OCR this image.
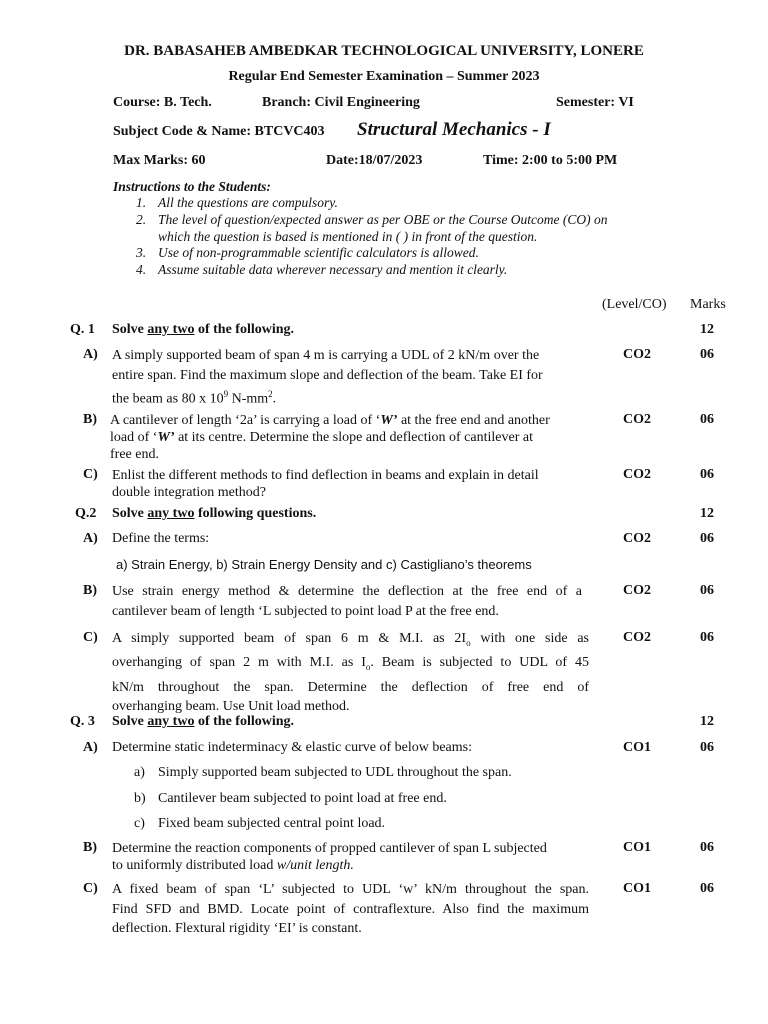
DR. BABASAHEB AMBEDKAR TECHNOLOGICAL UNIVERSITY, LONERE
Regular End Semester Examination – Summer 2023
Course: B. Tech.	Branch: Civil Engineering	Semester: VI
Subject Code & Name: BTCVC403 Structural Mechanics - I
Max Marks: 60	Date:18/07/2023	Time: 2:00 to 5:00 PM
Instructions to the Students:
1. All the questions are compulsory.
2. The level of question/expected answer as per OBE or the Course Outcome (CO) on
which the question is based is mentioned in ( ) in front of the question.
3. Use of non-programmable scientific calculators is allowed.
4. Assume suitable data wherever necessary and mention it clearly.
(Level/CO) Marks
Q. 1 Solve any two of the following.	12
A) A simply supported beam of span 4 m is carrying a UDL of 2 kN/m over the
entire span. Find the maximum slope and deflection of the beam. Take EI for
the beam as 80 x $10^9$ $N-mm^2$.
CO2	06
B) A cantilever of length ‘2a’ is carrying a load of ‘W’ at the free end and another
load of ‘W’ at its centre. Determine the slope and deflection of cantilever at
free end.
CO2	06
C) Enlist the different methods to find deflection in beams and explain in detail
double integration method?
CO2	06
Q.2 Solve any two following questions.	12
A) Define the terms:
a) Strain Energy, b) Strain Energy Density and c) Castigliano’s theorems
CO2	06
B) Use strain energy method & determine the deflection at the free end of a
cantilever beam of length ‘L subjected to point load P at the free end.
CO2	06
C) A simply supported beam of span 6 m & M.I. as $2I_o$ with one side as
overhanging of span 2 m with M.I. as $I_o$. Beam is subjected to UDL of 45
kN/m throughout the span. Determine the deflection of free end of
overhanging beam. Use Unit load method.
CO2	06
Q. 3 Solve any two of the following.	12
A) Determine static indeterminacy & elastic curve of below beams:	CO1	06
a) Simply supported beam subjected to UDL throughout the span.
b) Cantilever beam subjected to point load at free end.
c) Fixed beam subjected central point load.
B) Determine the reaction components of propped cantilever of span L subjected
to uniformly distributed load w/unit length.
CO1	06
C) A fixed beam of span ‘L’ subjected to UDL ‘w’ kN/m throughout the span.
Find SFD and BMD. Locate point of contraflexture. Also find the maximum
deflection. Flextural rigidity ‘EI’ is constant.
CO1	06
